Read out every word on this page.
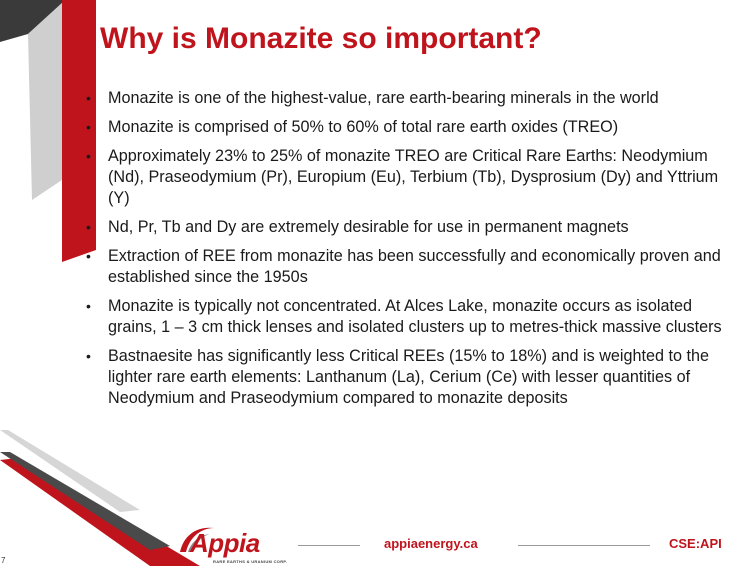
Why is Monazite so important?
• Monazite is one of the highest-value, rare earth-bearing minerals in the world
• Monazite is comprised of 50% to 60% of total rare earth oxides (TREO)
• Approximately 23% to 25% of monazite TREO are Critical Rare Earths: Neodymium (Nd), Praseodymium (Pr), Europium (Eu), Terbium (Tb), Dysprosium (Dy) and Yttrium (Y)
• Nd, Pr, Tb and Dy are extremely desirable for use in permanent magnets
• Extraction of REE from monazite has been successfully and economically proven and established since the 1950s
• Monazite is typically not concentrated. At Alces Lake, monazite occurs as isolated grains, 1 – 3 cm thick lenses and isolated clusters up to metres-thick massive clusters
• Bastnaesite has significantly less Critical REEs (15% to 18%) and is weighted to the lighter rare earth elements: Lanthanum (La), Cerium (Ce) with lesser quantities of Neodymium and Praseodymium compared to monazite deposits
7
Appia
RARE EARTHS & URANIUM CORP.
appiaenergy.ca	CSE:API
